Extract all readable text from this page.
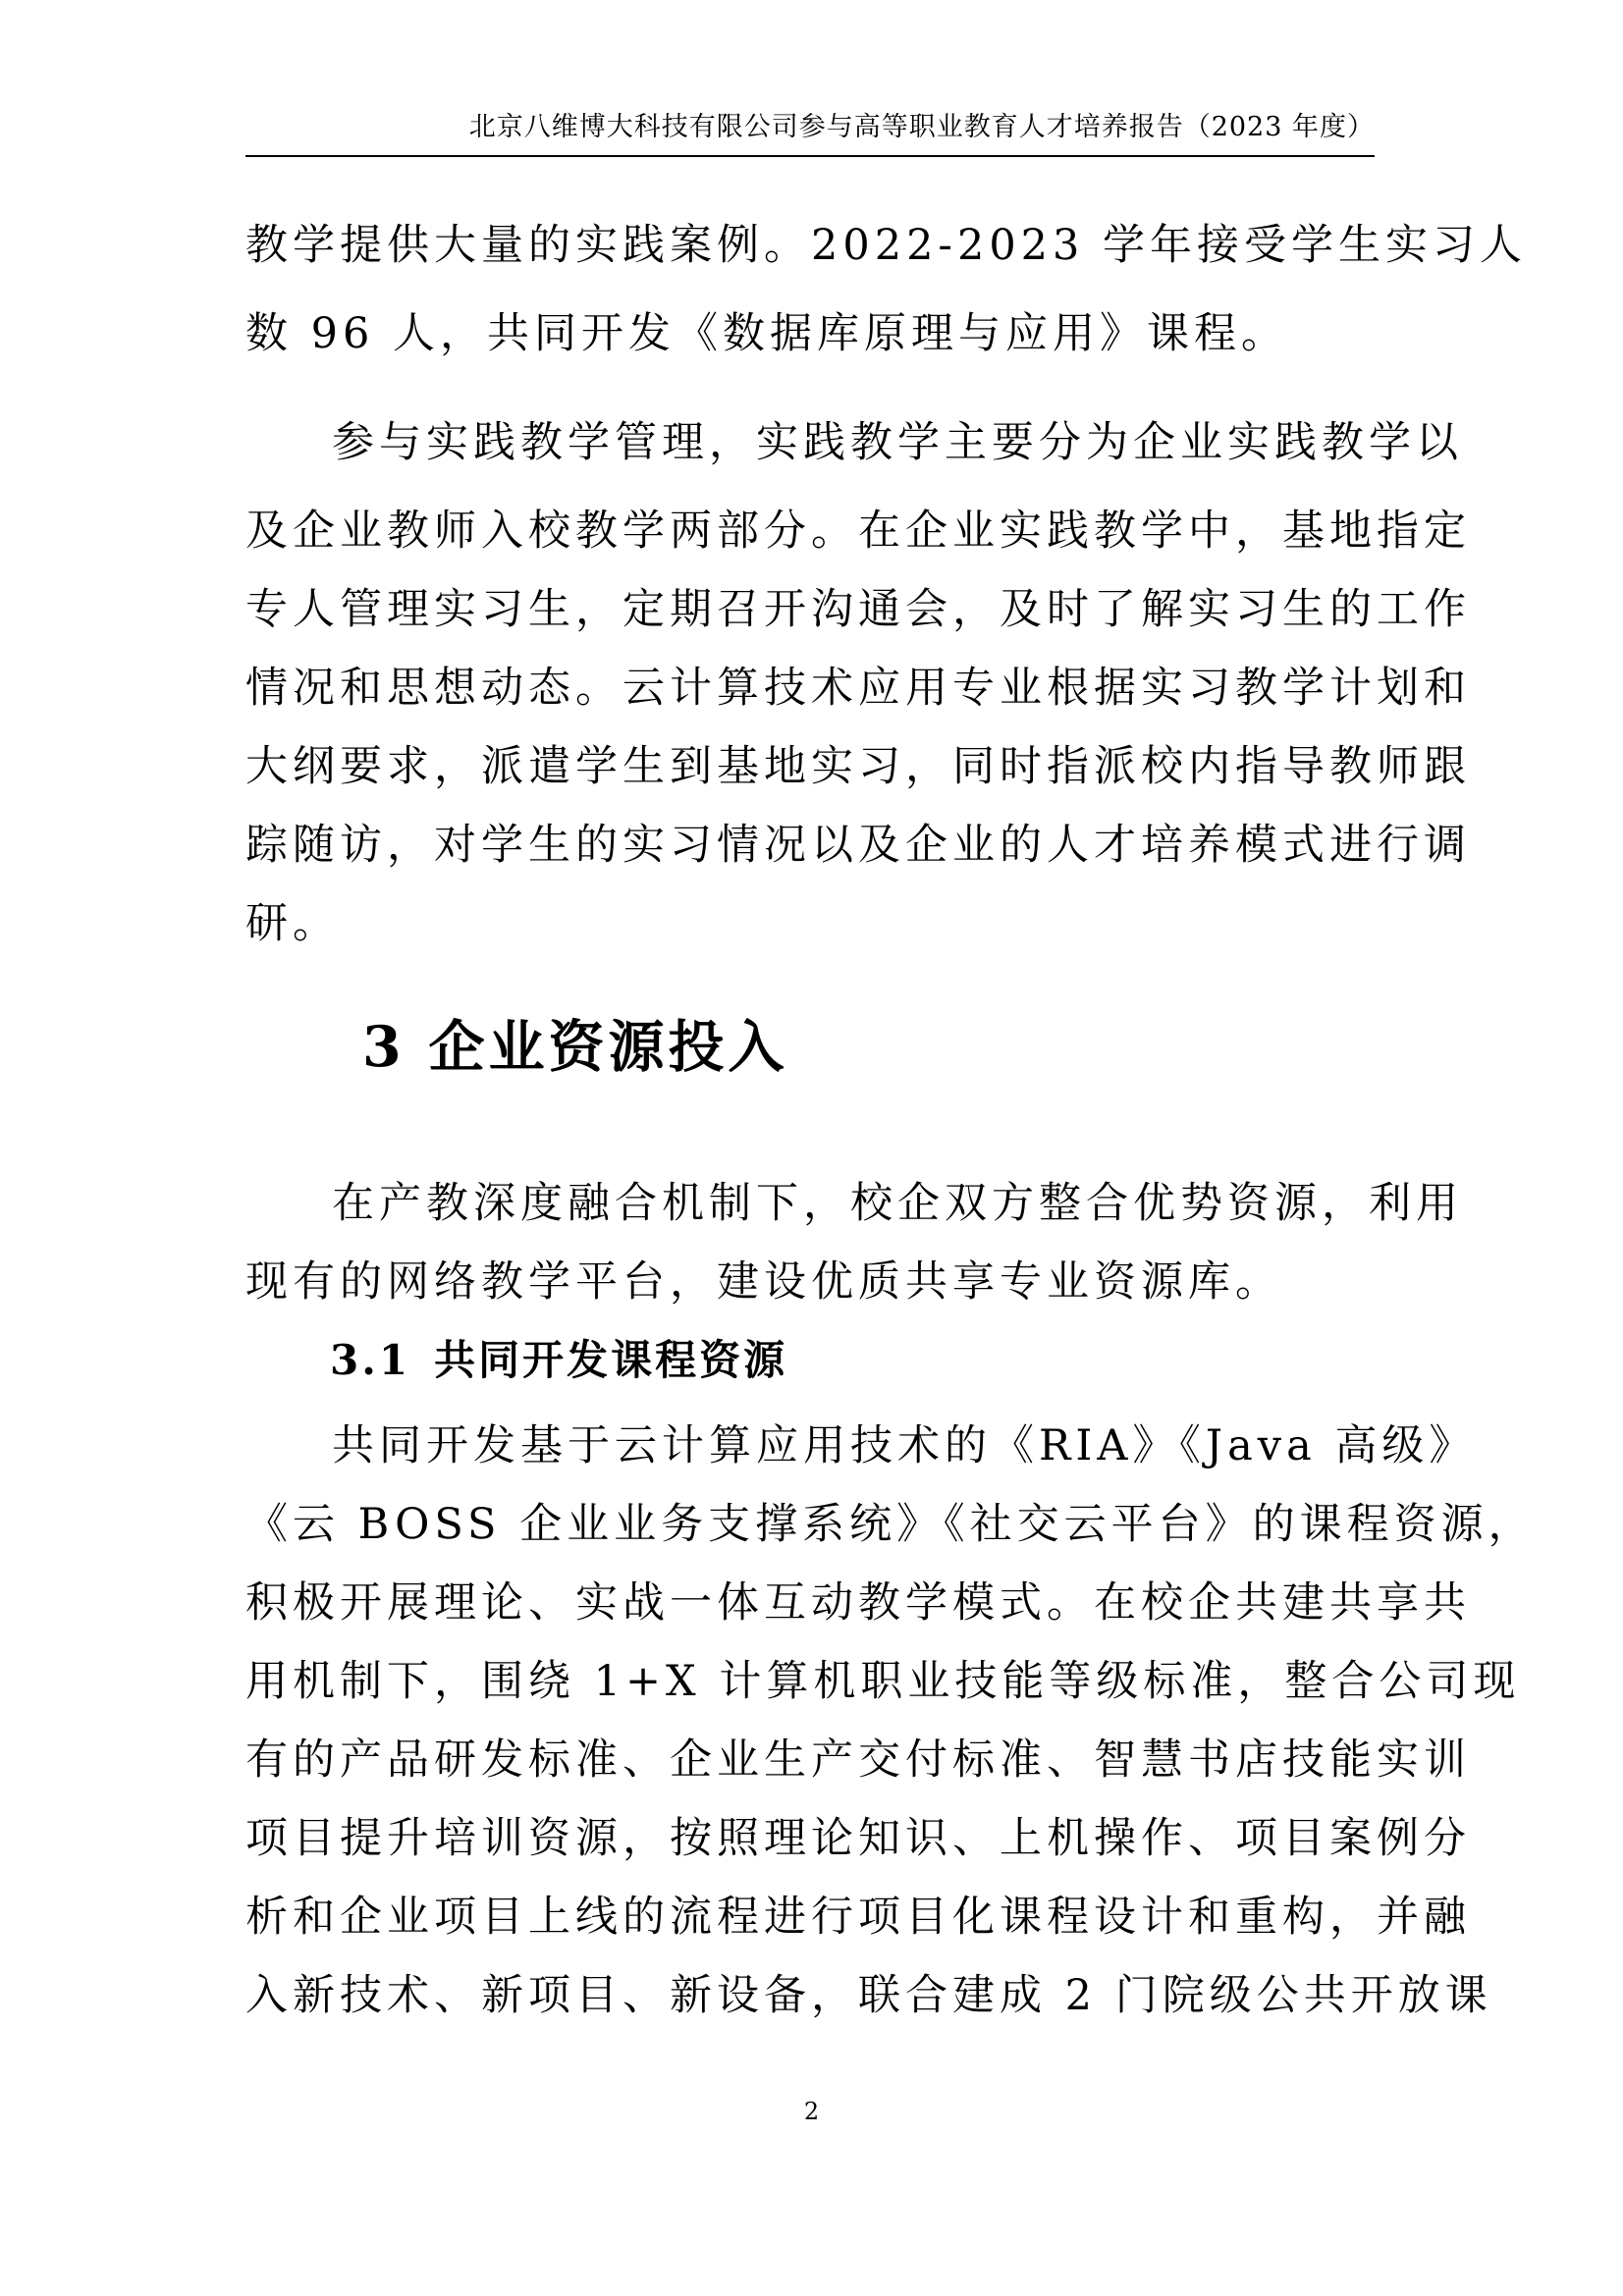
北京八维博大科技有限公司参与高等职业教育人才培养报告（2023 年度）
教学提供大量的实践案例。2022-2023 学年接受学生实习人
数 96 人，共同开发《数据库原理与应用》课程。
参与实践教学管理，实践教学主要分为企业实践教学以
及企业教师入校教学两部分。在企业实践教学中，基地指定
专人管理实习生，定期召开沟通会，及时了解实习生的工作
情况和思想动态。云计算技术应用专业根据实习教学计划和
大纲要求，派遣学生到基地实习，同时指派校内指导教师跟
踪随访，对学生的实习情况以及企业的人才培养模式进行调
研。
3 企业资源投入
在产教深度融合机制下，校企双方整合优势资源，利用
现有的网络教学平台，建设优质共享专业资源库。
3.1 共同开发课程资源
共同开发基于云计算应用技术的《RIA》《Java 高级》
《云 BOSS 企业业务支撑系统》《社交云平台》的课程资源，
积极开展理论、实战一体互动教学模式。在校企共建共享共
用机制下，围绕 1+X 计算机职业技能等级标准，整合公司现
有的产品研发标准、企业生产交付标准、智慧书店技能实训
项目提升培训资源，按照理论知识、上机操作、项目案例分
析和企业项目上线的流程进行项目化课程设计和重构，并融
入新技术、新项目、新设备，联合建成 2 门院级公共开放课
2
